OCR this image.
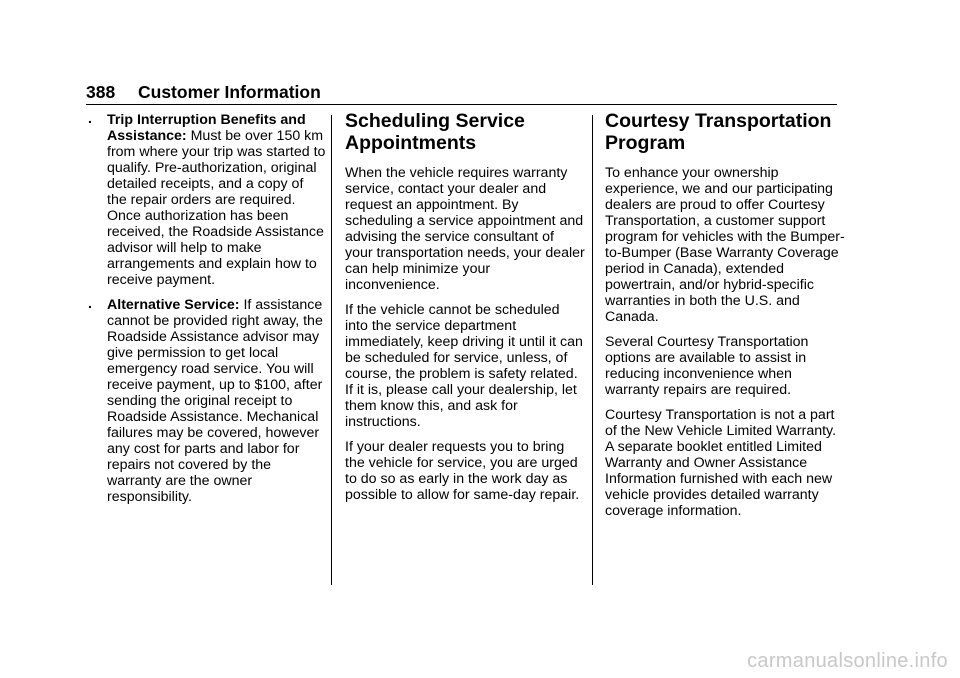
388 Customer Information
. Trip Interruption Benefits and Assistance: Must be over 150 km from where your trip was started to qualify. Pre-authorization, original detailed receipts, and a copy of the repair orders are required. Once authorization has been received, the Roadside Assistance advisor will help to make arrangements and explain how to receive payment.
. Alternative Service: If assistance cannot be provided right away, the Roadside Assistance advisor may give permission to get local emergency road service. You will receive payment, up to $100, after sending the original receipt to Roadside Assistance. Mechanical failures may be covered, however any cost for parts and labor for repairs not covered by the warranty are the owner responsibility.
Scheduling Service Appointments

When the vehicle requires warranty service, contact your dealer and request an appointment. By scheduling a service appointment and advising the service consultant of your transportation needs, your dealer can help minimize your inconvenience.

If the vehicle cannot be scheduled into the service department immediately, keep driving it until it can be scheduled for service, unless, of course, the problem is safety related. If it is, please call your dealership, let them know this, and ask for instructions.

If your dealer requests you to bring the vehicle for service, you are urged to do so as early in the work day as possible to allow for same-day repair.

Courtesy Transportation Program

To enhance your ownership experience, we and our participating dealers are proud to offer Courtesy Transportation, a customer support program for vehicles with the Bumper-to-Bumper (Base Warranty Coverage period in Canada), extended powertrain, and/or hybrid-specific warranties in both the U.S. and Canada.

Several Courtesy Transportation options are available to assist in reducing inconvenience when warranty repairs are required.

Courtesy Transportation is not a part of the New Vehicle Limited Warranty. A separate booklet entitled Limited Warranty and Owner Assistance Information furnished with each new vehicle provides detailed warranty coverage information.

carmanualsonline.info
